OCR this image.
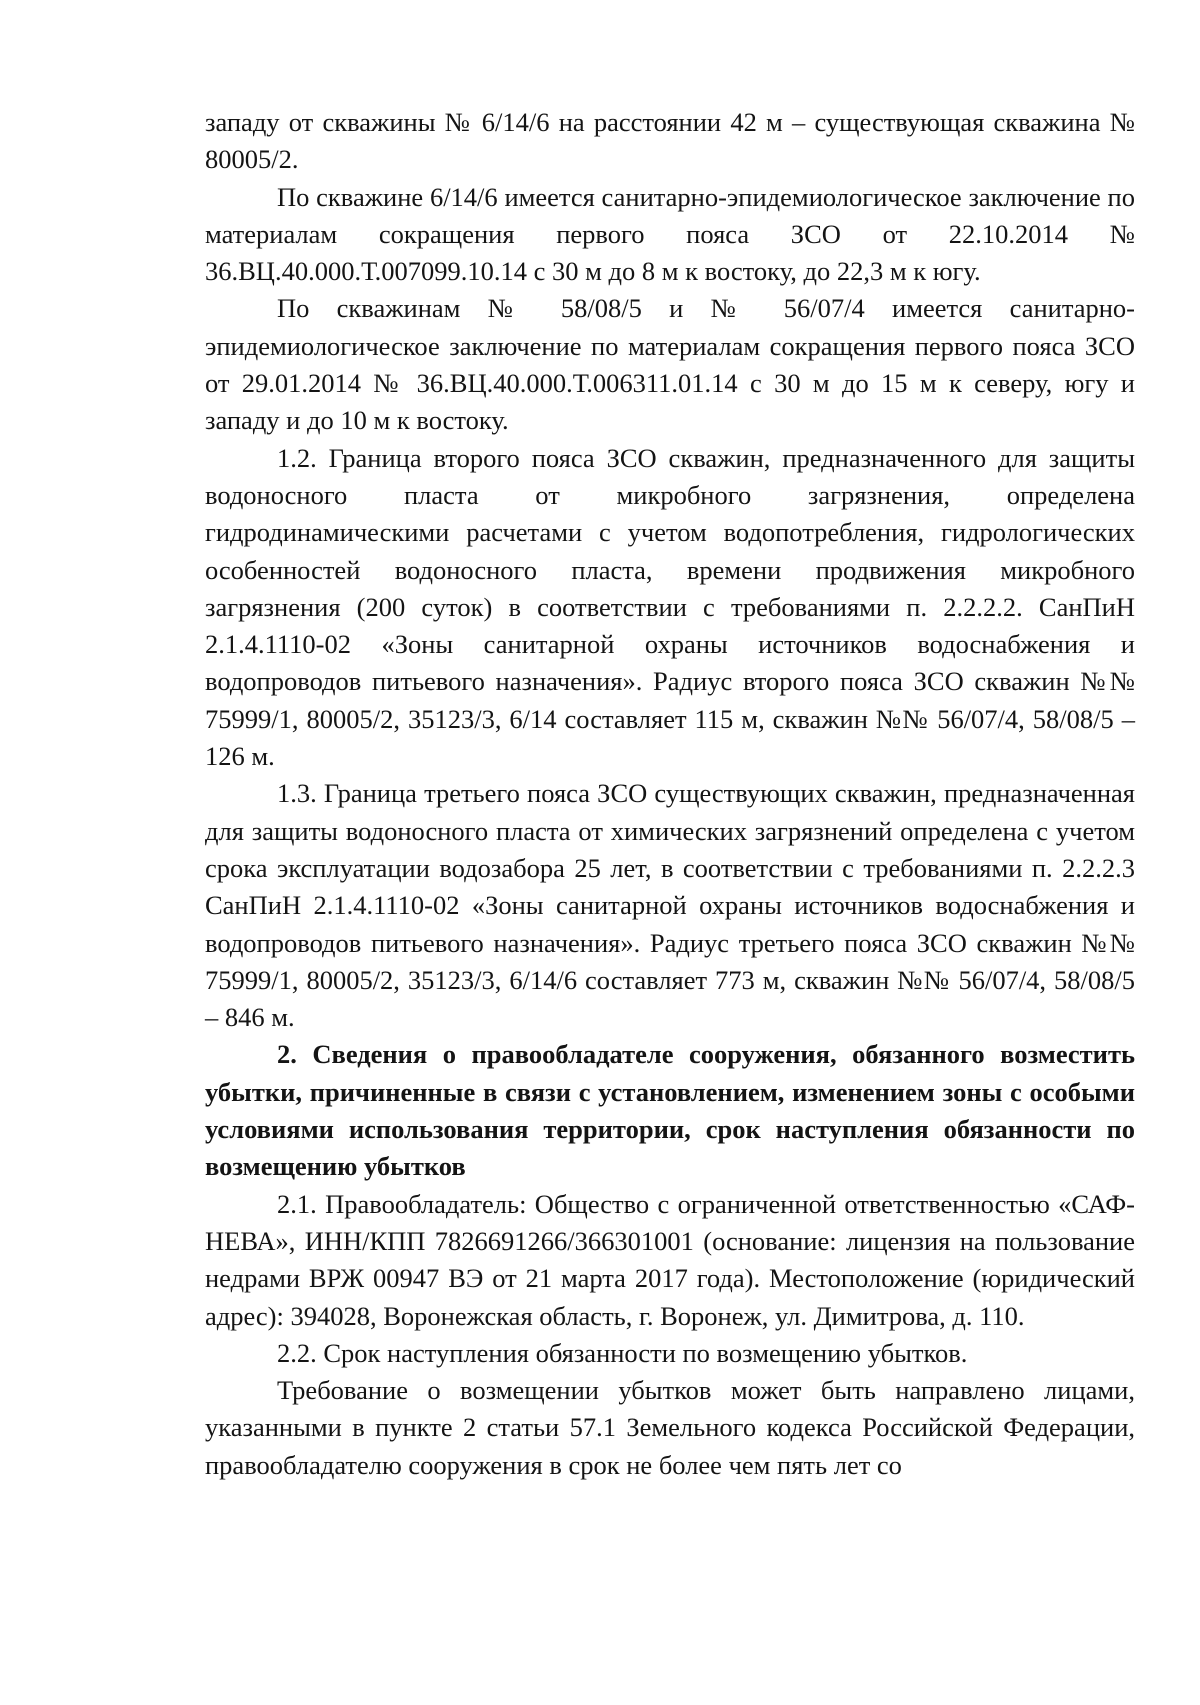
западу от скважины № 6/14/6 на расстоянии 42 м – существующая скважина № 80005/2.

По скважине 6/14/6 имеется санитарно-эпидемиологическое заключение по материалам сокращения первого пояса ЗСО от 22.10.2014 № 36.ВЦ.40.000.Т.007099.10.14 с 30 м до 8 м к востоку, до 22,3 м к югу.

По скважинам № 58/08/5 и № 56/07/4 имеется санитарно-эпидемиологическое заключение по материалам сокращения первого пояса ЗСО от 29.01.2014 № 36.ВЦ.40.000.Т.006311.01.14 с 30 м до 15 м к северу, югу и западу и до 10 м к востоку.

1.2. Граница второго пояса ЗСО скважин, предназначенного для защиты водоносного пласта от микробного загрязнения, определена гидродинамическими расчетами с учетом водопотребления, гидрологических особенностей водоносного пласта, времени продвижения микробного загрязнения (200 суток) в соответствии с требованиями п. 2.2.2.2. СанПиН 2.1.4.1110-02 «Зоны санитарной охраны источников водоснабжения и водопроводов питьевого назначения». Радиус второго пояса ЗСО скважин №№ 75999/1, 80005/2, 35123/3, 6/14 составляет 115 м, скважин №№ 56/07/4, 58/08/5 – 126 м.

1.3. Граница третьего пояса ЗСО существующих скважин, предназначенная для защиты водоносного пласта от химических загрязнений определена с учетом срока эксплуатации водозабора 25 лет, в соответствии с требованиями п. 2.2.2.3 СанПиН 2.1.4.1110-02 «Зоны санитарной охраны источников водоснабжения и водопроводов питьевого назначения». Радиус третьего пояса ЗСО скважин №№ 75999/1, 80005/2, 35123/3, 6/14/6 составляет 773 м, скважин №№ 56/07/4, 58/08/5 – 846 м.

2. Сведения о правообладателе сооружения, обязанного возместить убытки, причиненные в связи с установлением, изменением зоны с особыми условиями использования территории, срок наступления обязанности по возмещению убытков

2.1. Правообладатель: Общество с ограниченной ответственностью «САФ-НЕВА», ИНН/КПП 7826691266/366301001 (основание: лицензия на пользование недрами ВРЖ 00947 ВЭ от 21 марта 2017 года). Местоположение (юридический адрес): 394028, Воронежская область, г. Воронеж, ул. Димитрова, д. 110.

2.2. Срок наступления обязанности по возмещению убытков.

Требование о возмещении убытков может быть направлено лицами, указанными в пункте 2 статьи 57.1 Земельного кодекса Российской Федерации, правообладателю сооружения в срок не более чем пять лет со
